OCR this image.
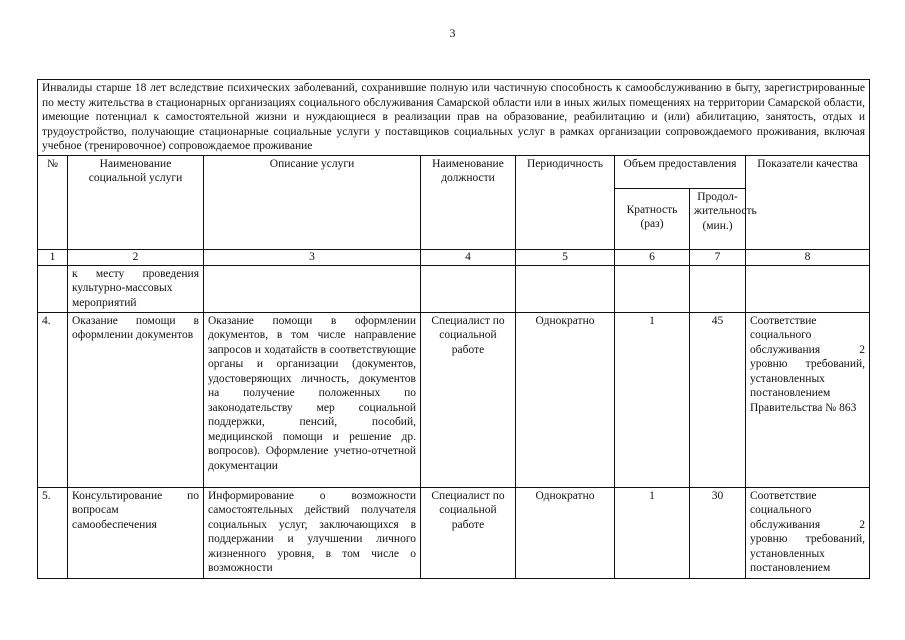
3
Инвалиды старше 18 лет вследствие психических заболеваний, сохранившие полную или частичную способность к самообслуживанию в быту, зарегистрированные по месту жительства в стационарных организациях социального обслуживания Самарской области или в иных жилых помещениях на территории Самарской области, имеющие потенциал к самостоятельной жизни и нуждающиеся в реализации прав на образование, реабилитацию и (или) абилитацию, занятость, отдых и трудоустройство, получающие стационарные социальные услуги у поставщиков социальных услуг в рамках организации сопровождаемого проживания, включая учебное (тренировочное) сопровождаемое проживание							
№	Наименование социальной услуги	Описание услуги	Наименование должности	Периодичность	Объем предоставления		Показатели качества
					Кратность (раз)	Продол-жительность (мин.)	
1	2	3	4	5	6	7	8
	к месту проведения культурно-массовых мероприятий						
4.	Оказание помощи в оформлении документов	Оказание помощи в оформлении документов, в том числе направление запросов и ходатайств в соответствующие органы и организации (документов, удостоверяющих личность, документов на получение положенных по законодательству мер социальной поддержки, пенсий, пособий, медицинской помощи и решение др. вопросов). Оформление учетно-отчетной документации	Специалист по социальной работе	Однократно	1	45	Соответствие социального обслуживания 2 уровню требований, установленных постановлением Правительства № 863
5.	Консультирование по вопросам самообеспечения	Информирование о возможности самостоятельных действий получателя социальных услуг, заключающихся в поддержании и улучшении личного жизненного уровня, в том числе о возможности	Специалист по социальной работе	Однократно	1	30	Соответствие социального обслуживания 2 уровню требований, установленных постановлением
